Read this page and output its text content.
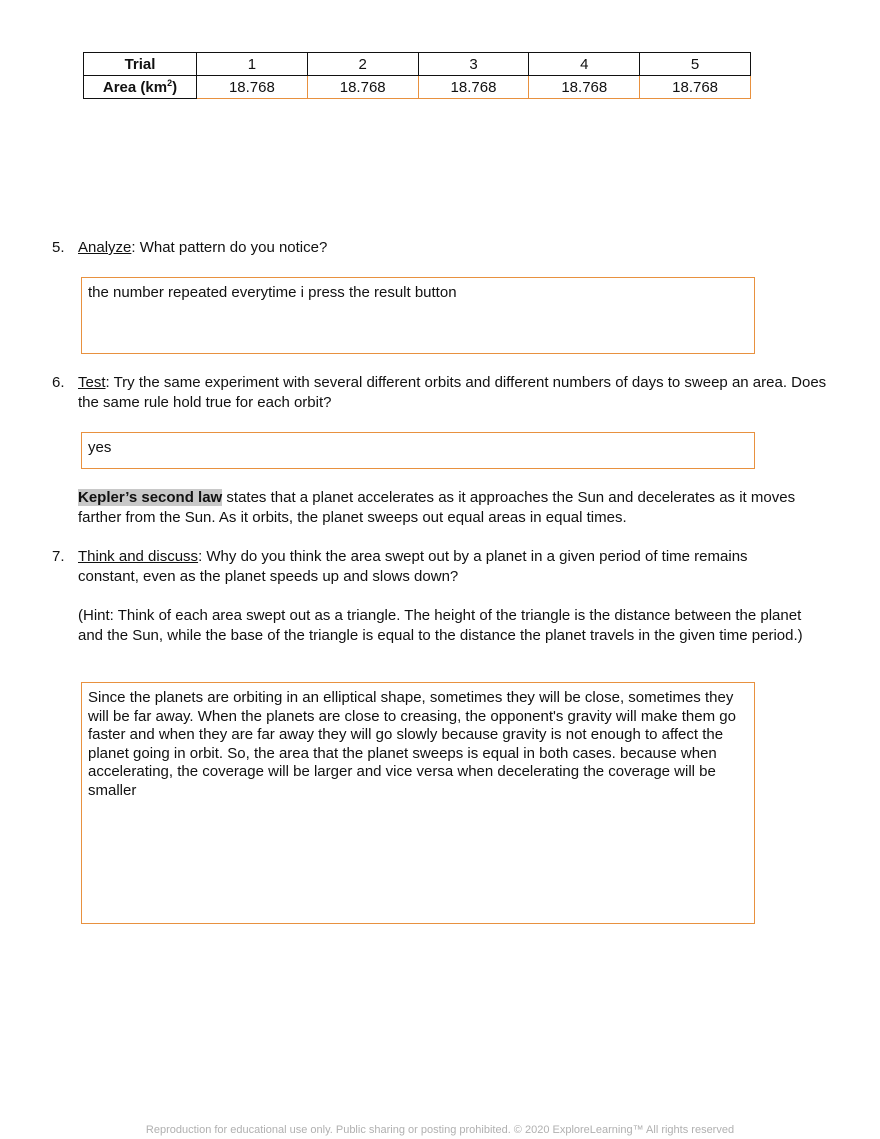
Trial	1	2	3	4	5
Area $(km^2)$	18.768	18.768	18.768	18.768	18.768
5. Analyze: What pattern do you notice?
the number repeated everytime i press the result button
6. Test: Try the same experiment with several different orbits and different numbers of days to sweep an area. Does the same rule hold true for each orbit?
yes
Kepler’s second law states that a planet accelerates as it approaches the Sun and decelerates as it moves farther from the Sun. As it orbits, the planet sweeps out equal areas in equal times.
7. Think and discuss: Why do you think the area swept out by a planet in a given period of time remains constant, even as the planet speeds up and slows down?
(Hint: Think of each area swept out as a triangle. The height of the triangle is the distance between the planet and the Sun, while the base of the triangle is equal to the distance the planet travels in the given time period.)
Since the planets are orbiting in an elliptical shape, sometimes they will be close, sometimes they will be far away. When the planets are close to creasing, the opponent's gravity will make them go faster and when they are far away they will go slowly because gravity is not enough to affect the planet going in orbit. So, the area that the planet sweeps is equal in both cases. because when accelerating, the coverage will be larger and vice versa when decelerating the coverage will be smaller
Reproduction for educational use only. Public sharing or posting prohibited. © 2020 ExploreLearning™ All rights reserved
